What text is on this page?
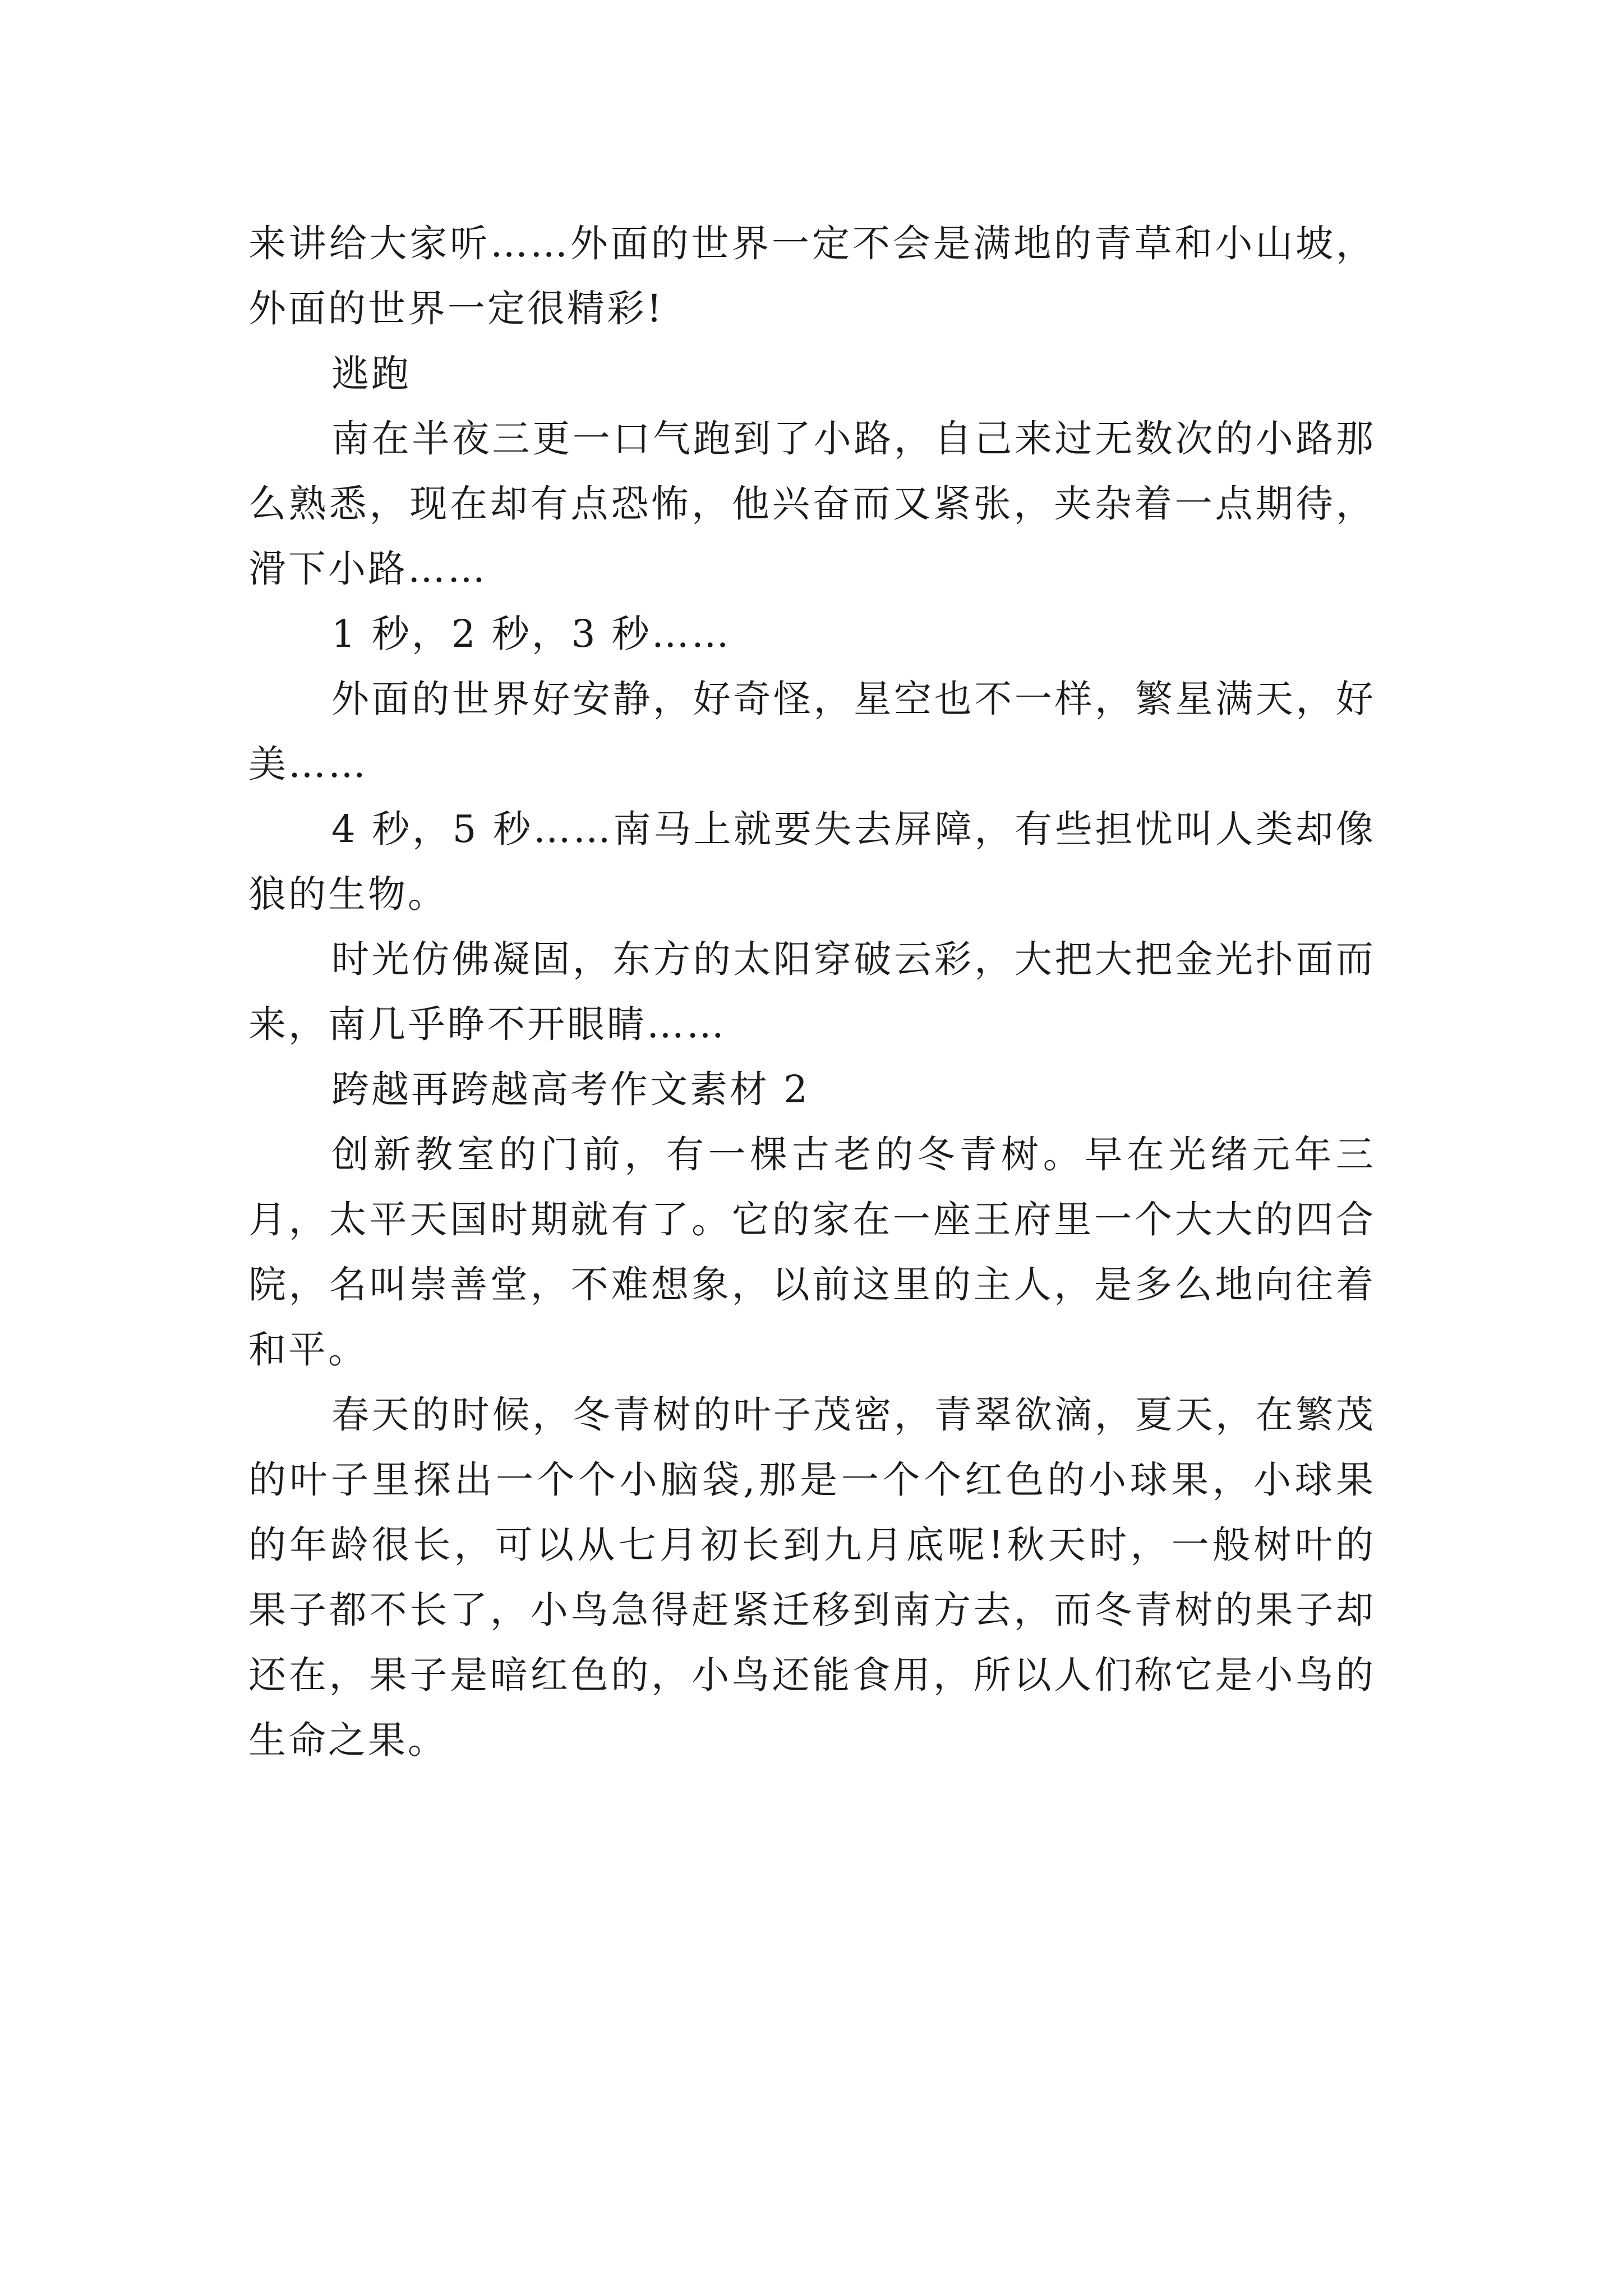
来讲给大家听……外面的世界一定不会是满地的青草和小山坡，外面的世界一定很精彩!

逃跑

南在半夜三更一口气跑到了小路，自己来过无数次的小路那么熟悉，现在却有点恐怖，他兴奋而又紧张，夹杂着一点期待，滑下小路……

1 秒，2 秒，3 秒……

外面的世界好安静，好奇怪，星空也不一样，繁星满天，好美……

4 秒，5 秒……南马上就要失去屏障，有些担忧叫人类却像狼的生物。

时光仿佛凝固，东方的太阳穿破云彩，大把大把金光扑面而来，南几乎睁不开眼睛……

跨越再跨越高考作文素材 2

创新教室的门前，有一棵古老的冬青树。早在光绪元年三月，太平天国时期就有了。它的家在一座王府里一个大大的四合院，名叫崇善堂，不难想象，以前这里的主人，是多么地向往着和平。

春天的时候，冬青树的叶子茂密，青翠欲滴，夏天，在繁茂的叶子里探出一个个小脑袋,那是一个个红色的小球果，小球果的年龄很长，可以从七月初长到九月底呢!秋天时，一般树叶的果子都不长了，小鸟急得赶紧迁移到南方去，而冬青树的果子却还在，果子是暗红色的，小鸟还能食用，所以人们称它是小鸟的生命之果。
